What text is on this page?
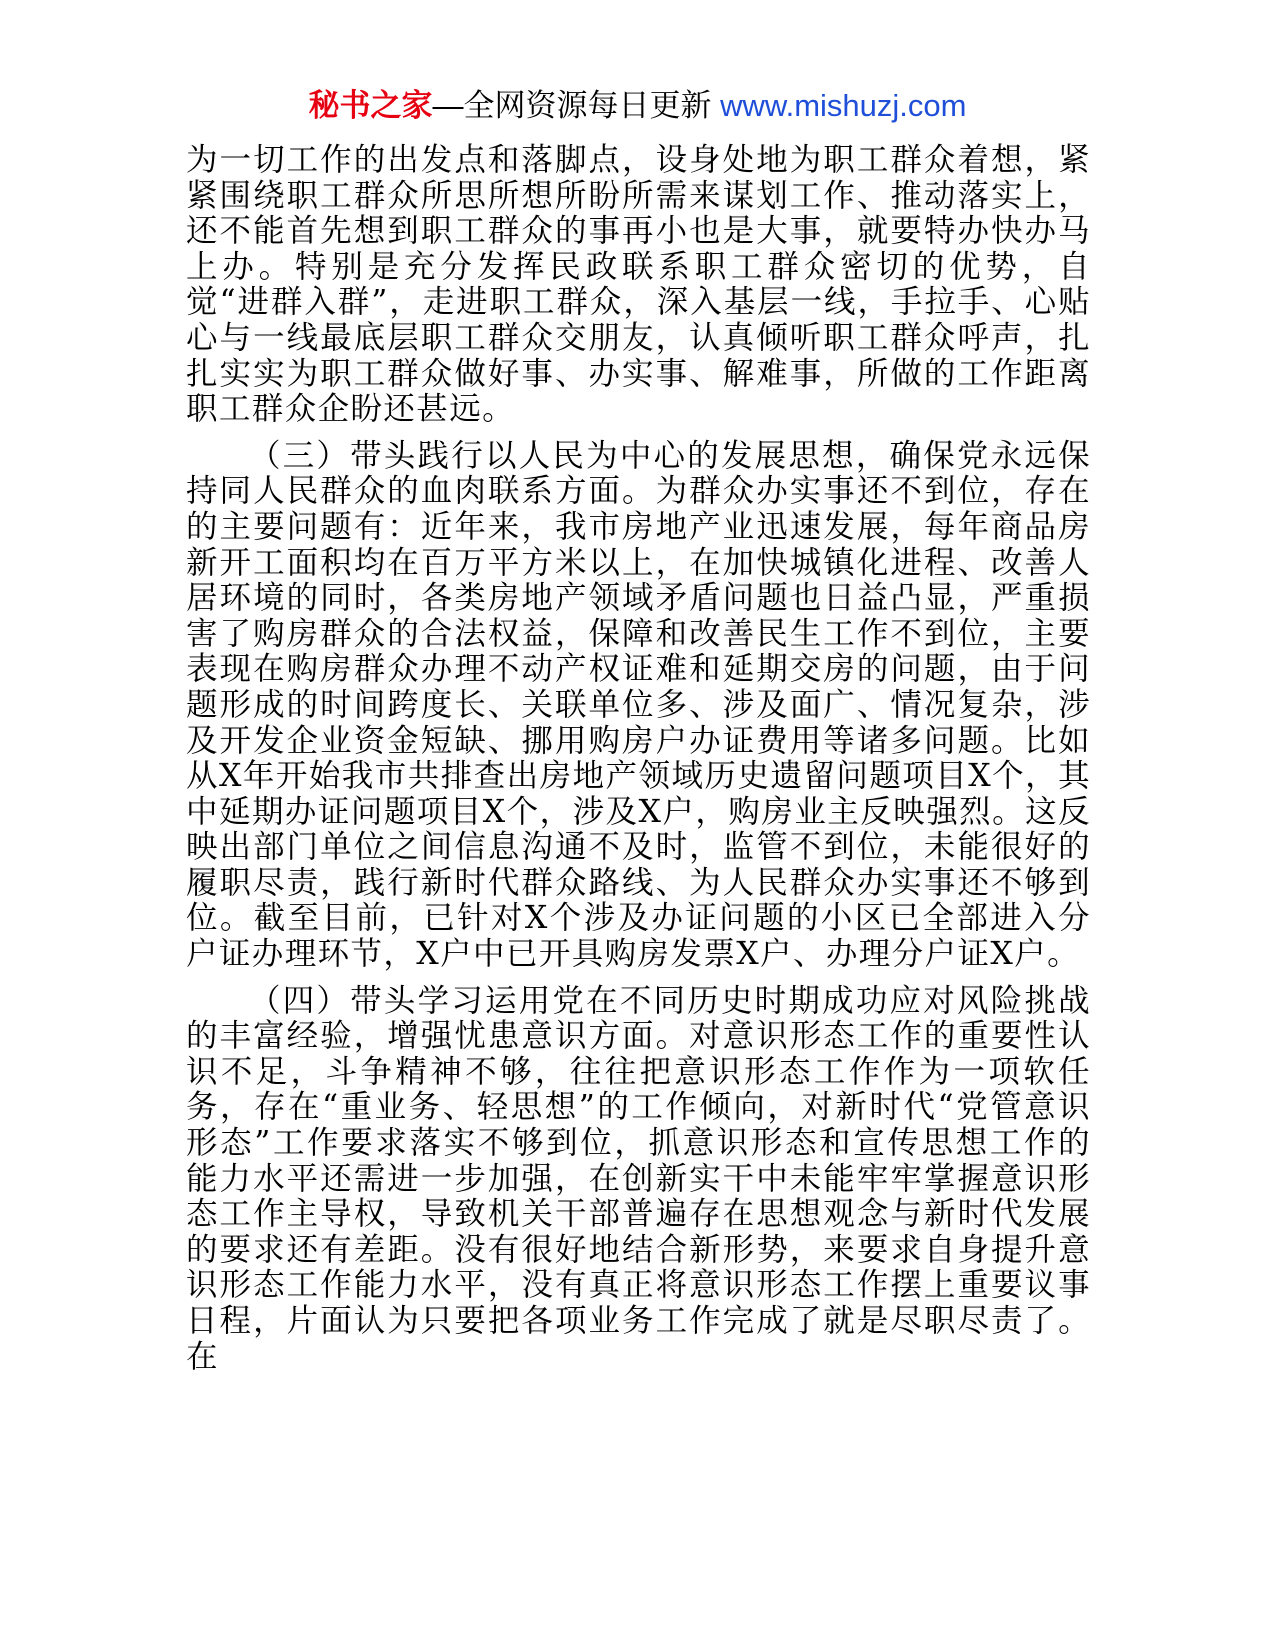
秘书之家—全网资源每日更新 www.mishuzj.com

为一切工作的出发点和落脚点，设身处地为职工群众着想，紧紧围绕职工群众所思所想所盼所需来谋划工作、推动落实上，还不能首先想到职工群众的事再小也是大事，就要特办快办马上办。特别是充分发挥民政联系职工群众密切的优势，自觉“进群入群”，走进职工群众，深入基层一线，手拉手、心贴心与一线最底层职工群众交朋友，认真倾听职工群众呼声，扎扎实实为职工群众做好事、办实事、解难事，所做的工作距离职工群众企盼还甚远。

（三）带头践行以人民为中心的发展思想，确保党永远保持同人民群众的血肉联系方面。为群众办实事还不到位，存在的主要问题有：近年来，我市房地产业迅速发展，每年商品房新开工面积均在百万平方米以上，在加快城镇化进程、改善人居环境的同时，各类房地产领域矛盾问题也日益凸显，严重损害了购房群众的合法权益，保障和改善民生工作不到位，主要表现在购房群众办理不动产权证难和延期交房的问题，由于问题形成的时间跨度长、关联单位多、涉及面广、情况复杂，涉及开发企业资金短缺、挪用购房户办证费用等诸多问题。比如从X年开始我市共排查出房地产领域历史遗留问题项目X个，其中延期办证问题项目X个，涉及X户，购房业主反映强烈。这反映出部门单位之间信息沟通不及时，监管不到位，未能很好的履职尽责，践行新时代群众路线、为人民群众办实事还不够到位。截至目前，已针对X个涉及办证问题的小区已全部进入分户证办理环节，X户中已开具购房发票X户、办理分户证X户。

（四）带头学习运用党在不同历史时期成功应对风险挑战的丰富经验，增强忧患意识方面。对意识形态工作的重要性认识不足，斗争精神不够，往往把意识形态工作作为一项软任务，存在“重业务、轻思想”的工作倾向，对新时代“党管意识形态”工作要求落实不够到位，抓意识形态和宣传思想工作的能力水平还需进一步加强，在创新实干中未能牢牢掌握意识形态工作主导权，导致机关干部普遍存在思想观念与新时代发展的要求还有差距。没有很好地结合新形势，来要求自身提升意识形态工作能力水平，没有真正将意识形态工作摆上重要议事日程，片面认为只要把各项业务工作完成了就是尽职尽责了。在
